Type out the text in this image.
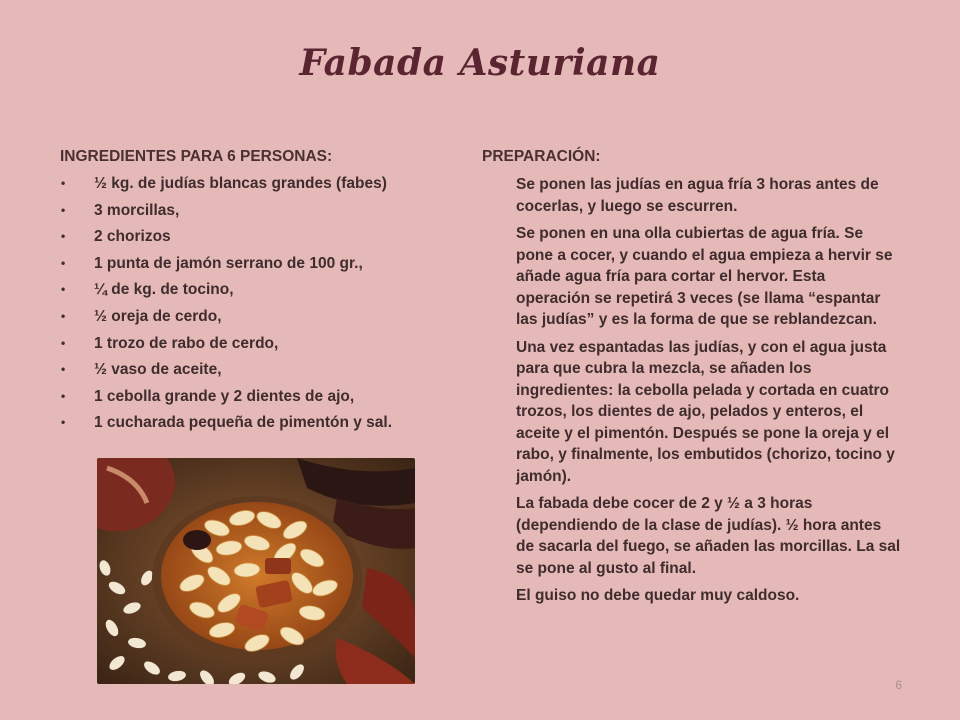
Fabada Asturiana
INGREDIENTES PARA 6 PERSONAS:
• ½ kg. de judías blancas grandes (fabes)
• 3 morcillas,
• 2 chorizos
• 1 punta de jamón serrano de 100 gr.,
• ¼ de kg. de tocino,
• ½ oreja de cerdo,
• 1 trozo de rabo de cerdo,
• ½ vaso de aceite,
• 1 cebolla grande y 2 dientes de ajo,
• 1 cucharada pequeña de pimentón y sal.
PREPARACIÓN:

Se ponen las judías en agua fría 3 horas antes de cocerlas, y luego se escurren.

Se ponen en una olla cubiertas de agua fría. Se pone a cocer, y cuando el agua empieza a hervir se añade agua fría para cortar el hervor. Esta operación se repetirá 3 veces (se llama “espantar las judías” y es la forma de que se reblandezcan.

Una vez espantadas las judías, y con el agua justa para que cubra la mezcla, se añaden los ingredientes: la cebolla pelada y cortada en cuatro trozos, los dientes de ajo, pelados y enteros, el aceite y el pimentón. Después se pone la oreja y el rabo, y finalmente, los embutidos (chorizo, tocino y jamón).

La fabada debe cocer de 2 y ½ a 3 horas (dependiendo de la clase de judías). ½ hora antes de sacarla del fuego, se añaden las morcillas. La sal se pone al gusto al final.

El guiso no debe quedar muy caldoso.

6
